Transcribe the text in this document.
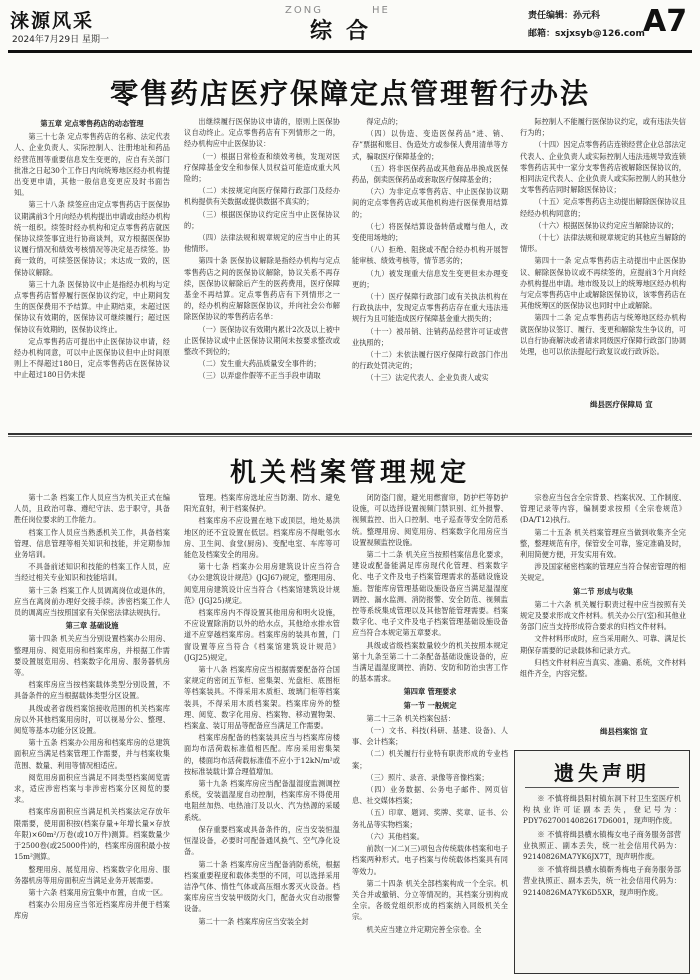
涞源风采
2024年7月29日 星期一
ZONG	HE
综合
责任编辑：孙元科
邮箱：sxjxsyb@126.com
A7
零售药店医疗保障定点管理暂行办法

第五章 定点零售药店的动态管理

第三十七条 定点零售药店的名称、法定代表人、企业负责人、实际控制人、注册地址和药品经营范围等重要信息发生变更的，应自有关部门批准之日起30个工作日内向统筹地区经办机构提出变更申请，其他一般信息变更应及时书面告知。

第三十八条 续签应由定点零售药店于医保协议期满前3个月向经办机构提出申请或由经办机构统一组织。续签时经办机构和定点零售药店就医保协议续签事宜进行协商谈判，双方根据医保协议履行情况和绩效考核情况等决定是否续签。协商一致的，可续签医保协议；未达成一致的，医保协议解除。

第三十九条 医保协议中止是指经办机构与定点零售药店暂停履行医保协议约定，中止期间发生的医保费用不予结算。中止期结束，未超过医保协议有效期的，医保协议可继续履行；超过医保协议有效期的，医保协议终止。

定点零售药店可提出中止医保协议申请，经经办机构同意，可以中止医保协议但中止时间原则上不得超过180日，定点零售药店在医保协议中止超过180日仍未提

出继续履行医保协议申请的，原则上医保协议自动终止。定点零售药店有下列情形之一的，经办机构应中止医保协议：

（一）根据日常检查和绩效考核，发现对医疗保障基金安全和参保人员权益可能造成重大风险的；

（二）未按规定向医疗保障行政部门及经办机构提供有关数据或提供数据不真实的；

（三）根据医保协议约定应当中止医保协议的；

（四）法律法规和规章规定的应当中止的其他情形。

第四十条 医保协议解除是指经办机构与定点零售药店之间的医保协议解除，协议关系不再存续，医保协议解除后产生的医药费用，医疗保障基金不再结算。定点零售药店有下列情形之一的，经办机构应解除医保协议，并向社会公布解除医保协议的零售药店名单：

（一）医保协议有效期内累计2次及以上被中止医保协议或中止医保协议期间未按要求整改或整改不到位的；

（二）发生重大药品质量安全事件的；

（三）以弄虚作假等不正当手段申请取

得定点的；

（四）以伪造、变造医保药品“进、销、存”票据和账目、伪造处方或参保人费用清单等方式，骗取医疗保障基金的；

（五）将非医保药品或其他商品串换成医保药品，倒卖医保药品或套取医疗保障基金的；

（六）为非定点零售药店、中止医保协议期间的定点零售药店或其他机构进行医保费用结算的；

（七）将医保结算设备转借或赠与他人，改变使用场地的；

（八）拒绝、阻挠或不配合经办机构开展智能审核、绩效考核等，情节恶劣的；

（九）被发现重大信息发生变更但未办理变更的；

（十）医疗保障行政部门或有关执法机构在行政执法中，发现定点零售药店存在重大违法违规行为且可能造成医疗保障基金重大损失的；

（十一）被吊销、注销药品经营许可证或营业执照的；

（十二）未依法履行医疗保障行政部门作出的行政处罚决定的；

（十三）法定代表人、企业负责人或实

际控制人不能履行医保协议约定，或有违法失信行为的；

（十四）因定点零售药店连锁经营企业总部法定代表人、企业负责人或实际控制人违法违规导致连锁零售药店其中一家分支零售药店被解除医保协议的，相同法定代表人、企业负责人或实际控制人的其他分支零售药店同时解除医保协议；

（十五）定点零售药店主动提出解除医保协议且经经办机构同意的；

（十六）根据医保协议约定应当解除协议的；

（十七）法律法规和规章规定的其他应当解除的情形。

第四十一条 定点零售药店主动提出中止医保协议、解除医保协议或不再续签的，应提前3个月向经办机构提出申请。地市级及以上的统筹地区经办机构与定点零售药店中止或解除医保协议，该零售药店在其他统筹区的医保协议也同时中止或解除。

第四十二条 定点零售药店与统筹地区经办机构就医保协议签订、履行、变更和解除发生争议的，可以自行协商解决或者请求同级医疗保障行政部门协调处理，也可以依法提起行政复议或行政诉讼。

缉县医疗保障局 宣
机关档案管理规定

第十二条 档案工作人员应当为机关正式在编人员，且政治可靠、遵纪守法、忠于职守，具备胜任岗位要求的工作能力。

档案工作人员应当熟悉机关工作，具备档案管理、信息管理等相关知识和技能，并定期参加业务培训。

不具备前述知识和技能的档案工作人员，应当经过相关专业知识和技能培训。

第十三条 档案工作人员调离岗位或退休的，应当在离岗前办理好交接手续。涉密档案工作人员的调离应当按照国家有关保密法律法规执行。

第三章 基础设施

第十四条 机关应当分别设置档案办公用房、整理用房、阅览用房和档案库房，并根据工作需要设置展览用房、档案数字化用房、服务器机房等。

档案库房应当按档案载体类型分别设置，不具备条件的应当根据载体类型分区设置。

具级或者省级档案馆接收范围的机关档案库房以外其他档案用房时，可以视易分公、整理、阅览等基本功能分区设置。

第十五条 档案办公用房和档案库房的总建筑面积应当满足档案管理工作需要，并与档案收集范围、数量、利用等情况相适应。

阅览用房面积应当满足不同类型档案阅览需求，适应涉密档案与非涉密档案分区阅览的要求。

档案库房面积应当满足机关档案法定存放年限需要，使用面积按(档案存量+年增长量×存放年限)×60m²/万卷(或10万件)测算。档案数量少于2500卷(或25000件)的，档案库房面积最小按15m²测算。

整理用房、展览用房、档案数字化用房、服务器机房等用房面积应当满足业务开展需要。

第十六条 档案用房宜集中布置，自成一区。

档案办公用房应当邻近档案库房并便于档案库房

管理。档案库房选址应当防潮、防水、避免阳光直射，利于档案保护。

档案库房不应设置在地下或顶层，地处易洪地区的还不宜设置在低层。档案库房不得毗邻水房、卫生间、食堂(厨房)、变配电室、车库等可能危及档案安全的用房。

第十七条 档案办公用房建筑设计应当符合《办公建筑设计规范》(JGJ67)规定，整理用房、阅览用房建筑设计应当符合《档案馆建筑设计规范》(JGJ25)规定。

档案库房内不得设置其他用房和明火设施，不应设置除消防以外的给水点，其他给水排水管道不应穿越档案库房。档案库房的装具布置，门窗设置等应当符合《档案馆建筑设计规范》(JGJ25)规定。

第十八条 档案库房应当根据需要配备符合国家规定的密闭五节柜、密集架、光盘柜、底图柜等档案装具。不得采用木质柜、玻璃门柜等档案装具，不得采用木质档案架。档案库房外的整理、阅览、数字化用房、档案物、移动置物架、档案盒、装订用品等配备应当满足工作需要。

档案库房配备的档案装具应当与档案库房楼面均布活荷载标准值相匹配。库房采用密集架的，楼面均布活荷载标准值不应小于12kN/m²或按标准装载计算合理值增加。

第十九条 档案库房应当配备温湿度监测调控系统，安装温湿度自动控制，档案库房不得使用电阻丝加热、电热油汀及以火、汽为热源的采暖系统。

保存重要档案或具备条件的，应当安装恒温恒湿设备，必要时可配备通风换气、空气净化设备。

第二十条 档案库房应当配备消防系统，根据档案重要程度和载体类型的不同，可以选择采用洁净气体、惰性气体或高压细水雾灭火设备。档案库房应当安装甲级防火门，配备火灾自动报警设备。

第二十一条 档案库房应当安装全封

闭防盗门窗，避光用燃窗帘，防护栏等防护设施，可以选择设置视频门禁识别、红外报警、视频监控、出入口控制、电子巡查等安全防范系统。整理用房、阅览用房、档案数字化用房应当设置视频监控设施。

第二十二条 机关应当按照档案信息化要求，建设或配备能满足库房现代化管理、档案数字化、电子文件及电子档案管理需求的基础设施设施。智能库房管理基础设施设备应当满足温湿度调控、漏水监测、消防报警、安全防范、视频监控等系统集成管理以及其他智能管理需要。档案数字化、电子文件及电子档案管理基础设施设备应当符合本规定第五章要求。

具级或省级档案数量较少的机关按照本规定第十九条至第二十二条配备基础设施设备的，应当满足温湿度调控、消防、安防和防治虫害工作的基本需求。

第四章 管理要求

第一节 一般规定

第二十三条 机关档案包括：

（一）文书、科技(科研、基建、设备)、人事、会计档案；

（二）机关履行行业特有职责形成的专业档案；

（三）照片、录音、录像等音像档案；

（四）业务数据、公务电子邮件、网页信息、社交媒体档案；

（五）印章、题词、奖牌、奖章、证书、公务礼品等实物档案；

（六）其他档案。

前款(一)(二)(三)项包含传统载体档案和电子档案两种形式。电子档案与传统载体档案具有同等效力。

第二十四条 机关全部档案构成一个全宗。机关合并或撤销、分立等情况的，其档案分别构成全宗。各级党组织形成的档案纳入同级机关全宗。

机关应当建立并定期完善全宗卷。全

宗卷应当包含全宗背景、档案状况、工作制度、管理记录等内容，编制要求按照《全宗卷规范》(DA/T12)执行。

第二十五条 机关档案管理应当做到收集齐全完整，整理规范有序，保管安全可靠，鉴定准确及时，利用简便方便，开发实用有效。

涉及国家秘密档案的管理应当符合保密管理的相关规定。

第二节 形成与收集

第二十六条 机关履行职责过程中应当按照有关规定及要求形成文件材料。机关办公厅(室)和其他业务部门应当支持形成符合要求的归档文件材料。

文件材料形成时，应当采用耐久、可靠、满足长期保存需要的记录载体和记录方式。

归档文件材料应当真实、准确、系统，文件材料组件齐全，内容完整。

缉县档案馆 宣
遗失声明

※ 不慎将缉县阳村镇东洞下村卫生室医疗机构执业许可证副本丢失，登记号为：PDY76270014082617D6001，现声明作废。

※ 不慎将缉县横水镇梅女电子商务服务部营业执照正、副本丢失，统一社会信用代码为：92140826MA7YK6JX7T，现声明作废。

※ 不慎将缉县横水镇靳秀梅电子商务服务部营业执照正、副本丢失，统一社会信用代码为：92140826MA7YK6D5XR，现声明作废。
